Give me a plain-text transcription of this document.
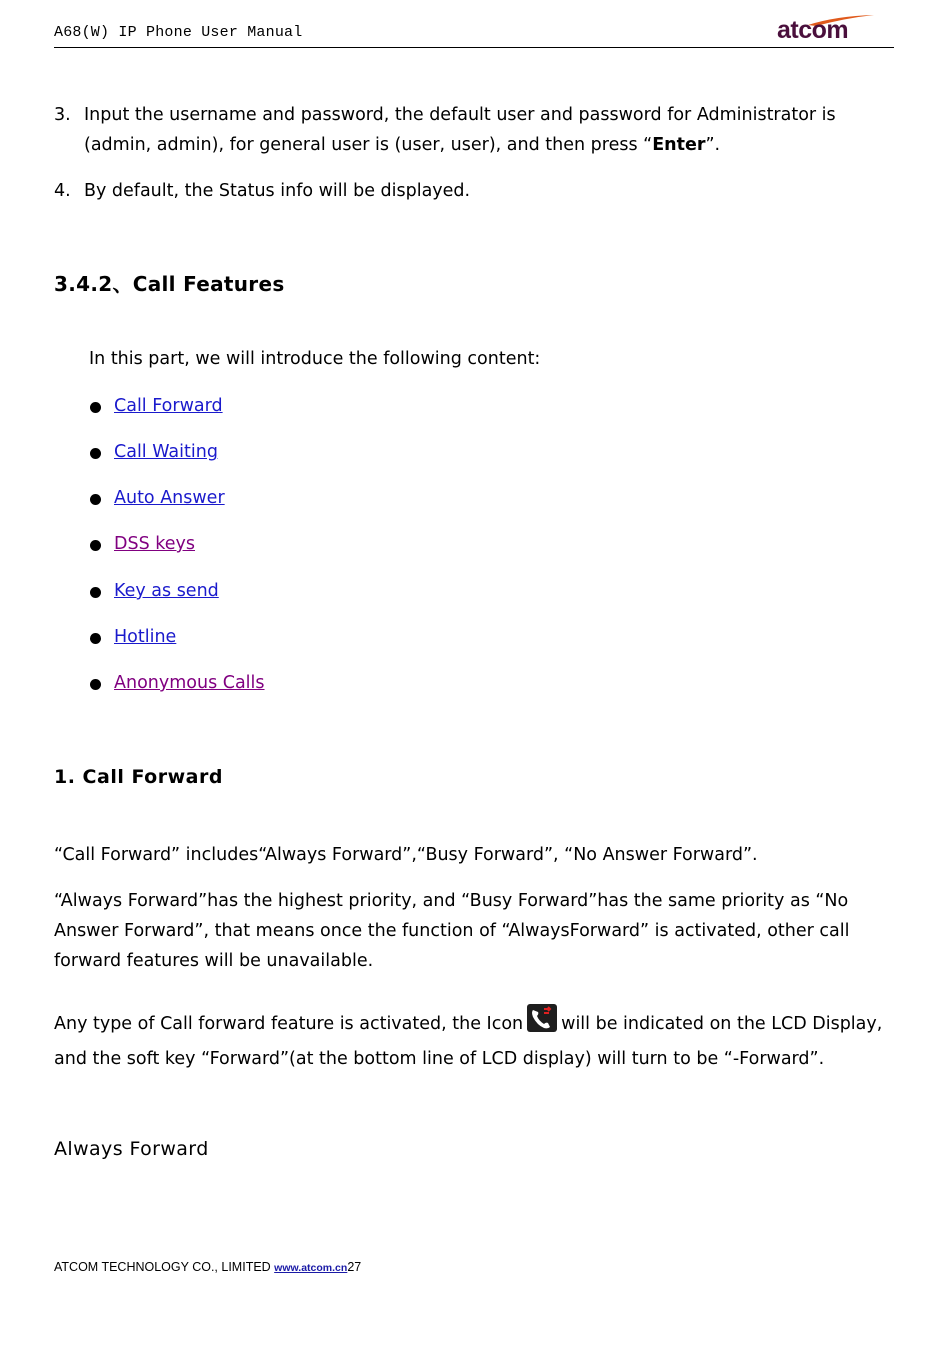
A68(W) IP Phone User Manual	atcom
3. Input the username and password, the default user and password for Administrator is (admin, admin), for general user is (user, user), and then press “Enter”.
4. By default, the Status info will be displayed.
3.4.2、Call Features
In this part, we will introduce the following content:
Call Forward
Call Waiting
Auto Answer
DSS keys
Key as send
Hotline
Anonymous Calls
1. Call Forward
“Call Forward” includes“Always Forward”,“Busy Forward”, “No Answer Forward”.
“Always Forward”has the highest priority, and “Busy Forward”has the same priority as “No Answer Forward”, that means once the function of “AlwaysForward” is activated, other call forward features will be unavailable.
Any type of Call forward feature is activated, the Icon will be indicated on the LCD Display, and the soft key “Forward”(at the bottom line of LCD display) will turn to be “-Forward”.
Always Forward
ATCOM TECHNOLOGY CO., LIMITED www.atcom.cn27
